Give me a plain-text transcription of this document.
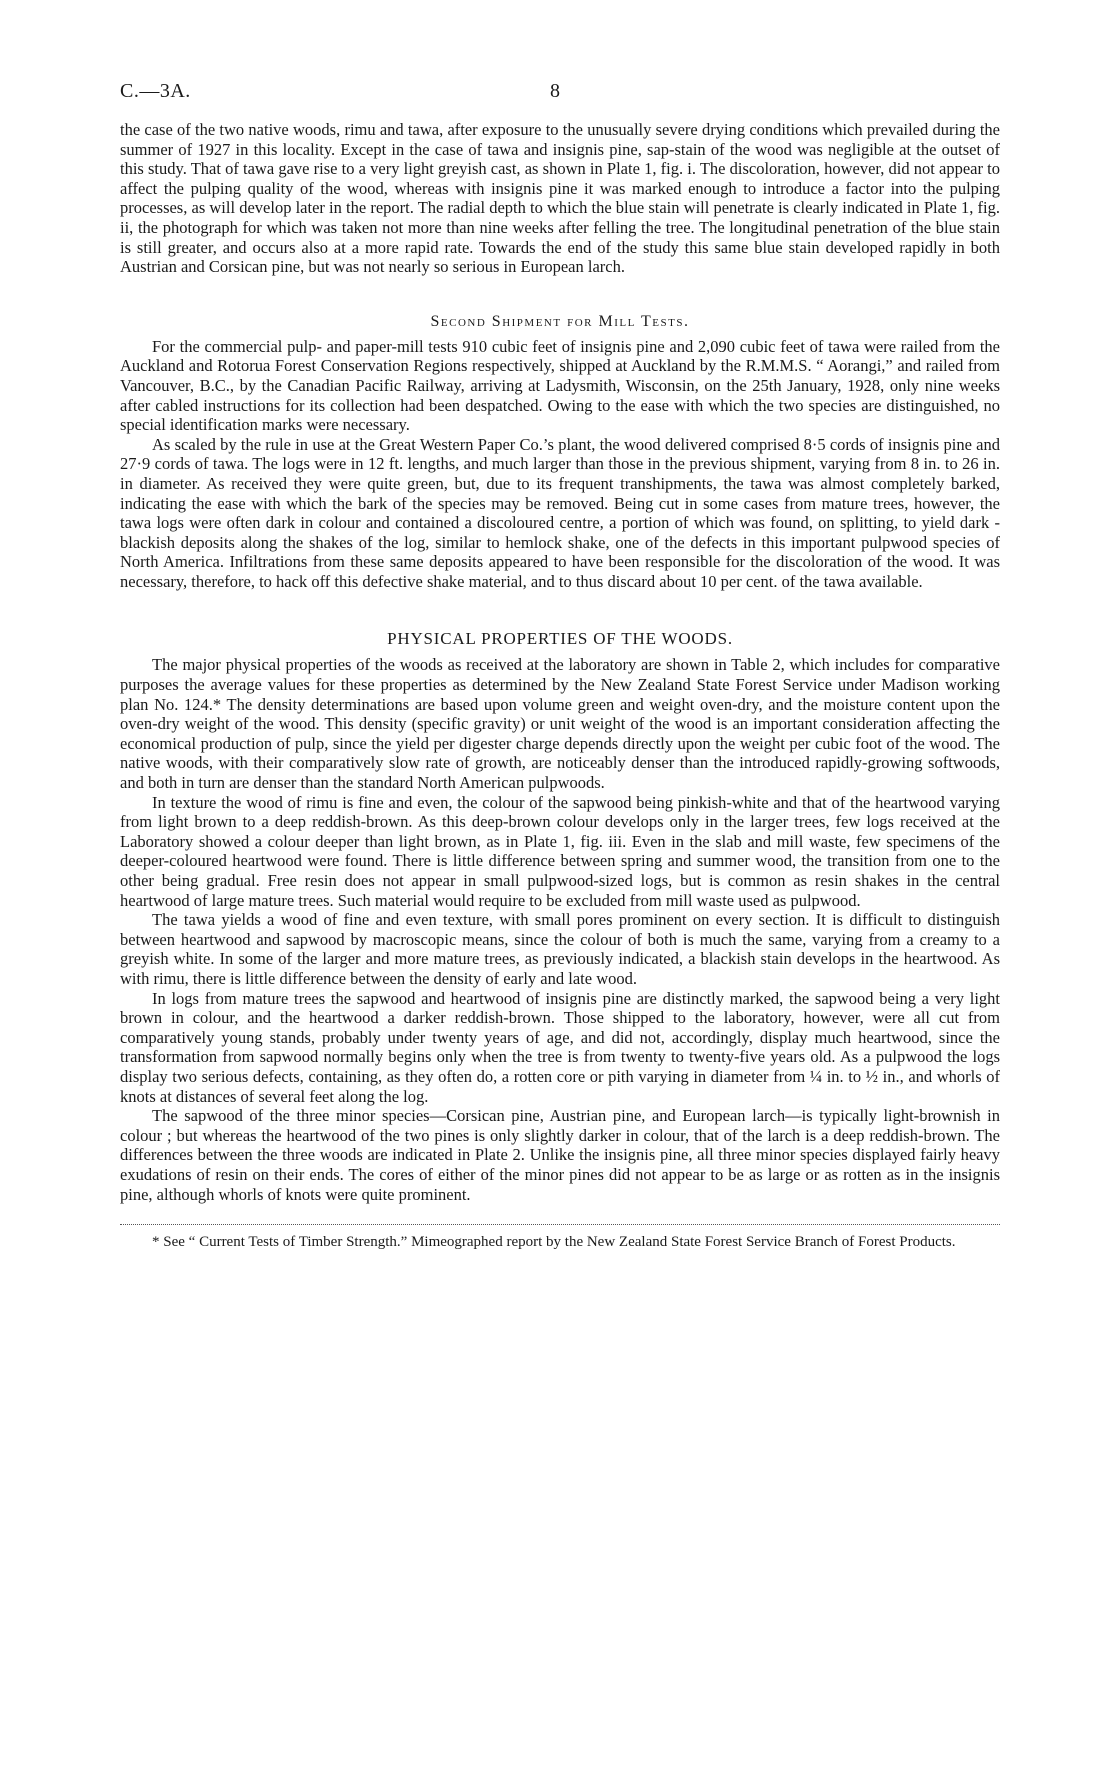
C.—3A.	8

the case of the two native woods, rimu and tawa, after exposure to the unusually severe drying conditions which prevailed during the summer of 1927 in this locality. Except in the case of tawa and insignis pine, sap-stain of the wood was negligible at the outset of this study. That of tawa gave rise to a very light greyish cast, as shown in Plate 1, fig. i. The discoloration, however, did not appear to affect the pulping quality of the wood, whereas with insignis pine it was marked enough to introduce a factor into the pulping processes, as will develop later in the report. The radial depth to which the blue stain will penetrate is clearly indicated in Plate 1, fig. ii, the photograph for which was taken not more than nine weeks after felling the tree. The longitudinal penetration of the blue stain is still greater, and occurs also at a more rapid rate. Towards the end of the study this same blue stain developed rapidly in both Austrian and Corsican pine, but was not nearly so serious in European larch.

Second Shipment for Mill Tests.

For the commercial pulp- and paper-mill tests 910 cubic feet of insignis pine and 2,090 cubic feet of tawa were railed from the Auckland and Rotorua Forest Conservation Regions respectively, shipped at Auckland by the R.M.M.S. “ Aorangi,” and railed from Vancouver, B.C., by the Canadian Pacific Railway, arriving at Ladysmith, Wisconsin, on the 25th January, 1928, only nine weeks after cabled instructions for its collection had been despatched. Owing to the ease with which the two species are distinguished, no special identification marks were necessary.

As scaled by the rule in use at the Great Western Paper Co.’s plant, the wood delivered comprised 8·5 cords of insignis pine and 27·9 cords of tawa. The logs were in 12 ft. lengths, and much larger than those in the previous shipment, varying from 8 in. to 26 in. in diameter. As received they were quite green, but, due to its frequent transhipments, the tawa was almost completely barked, indicating the ease with which the bark of the species may be removed. Being cut in some cases from mature trees, however, the tawa logs were often dark in colour and contained a discoloured centre, a portion of which was found, on splitting, to yield dark - blackish deposits along the shakes of the log, similar to hemlock shake, one of the defects in this important pulpwood species of North America. Infiltrations from these same deposits appeared to have been responsible for the discoloration of the wood. It was necessary, therefore, to hack off this defective shake material, and to thus discard about 10 per cent. of the tawa available.

PHYSICAL PROPERTIES OF THE WOODS.

The major physical properties of the woods as received at the laboratory are shown in Table 2, which includes for comparative purposes the average values for these properties as determined by the New Zealand State Forest Service under Madison working plan No. 124.* The density determinations are based upon volume green and weight oven-dry, and the moisture content upon the oven-dry weight of the wood. This density (specific gravity) or unit weight of the wood is an important consideration affecting the economical production of pulp, since the yield per digester charge depends directly upon the weight per cubic foot of the wood. The native woods, with their comparatively slow rate of growth, are noticeably denser than the introduced rapidly-growing softwoods, and both in turn are denser than the standard North American pulpwoods.

In texture the wood of rimu is fine and even, the colour of the sapwood being pinkish-white and that of the heartwood varying from light brown to a deep reddish-brown. As this deep-brown colour develops only in the larger trees, few logs received at the Laboratory showed a colour deeper than light brown, as in Plate 1, fig. iii. Even in the slab and mill waste, few specimens of the deeper-coloured heartwood were found. There is little difference between spring and summer wood, the transition from one to the other being gradual. Free resin does not appear in small pulpwood-sized logs, but is common as resin shakes in the central heartwood of large mature trees. Such material would require to be excluded from mill waste used as pulpwood.

The tawa yields a wood of fine and even texture, with small pores prominent on every section. It is difficult to distinguish between heartwood and sapwood by macroscopic means, since the colour of both is much the same, varying from a creamy to a greyish white. In some of the larger and more mature trees, as previously indicated, a blackish stain develops in the heartwood. As with rimu, there is little difference between the density of early and late wood.

In logs from mature trees the sapwood and heartwood of insignis pine are distinctly marked, the sapwood being a very light brown in colour, and the heartwood a darker reddish-brown. Those shipped to the laboratory, however, were all cut from comparatively young stands, probably under twenty years of age, and did not, accordingly, display much heartwood, since the transformation from sapwood normally begins only when the tree is from twenty to twenty-five years old. As a pulpwood the logs display two serious defects, containing, as they often do, a rotten core or pith varying in diameter from ¼ in. to ½ in., and whorls of knots at distances of several feet along the log.

The sapwood of the three minor species—Corsican pine, Austrian pine, and European larch—is typically light-brownish in colour ; but whereas the heartwood of the two pines is only slightly darker in colour, that of the larch is a deep reddish-brown. The differences between the three woods are indicated in Plate 2. Unlike the insignis pine, all three minor species displayed fairly heavy exudations of resin on their ends. The cores of either of the minor pines did not appear to be as large or as rotten as in the insignis pine, although whorls of knots were quite prominent.

* See “ Current Tests of Timber Strength.” Mimeographed report by the New Zealand State Forest Service Branch of Forest Products.
